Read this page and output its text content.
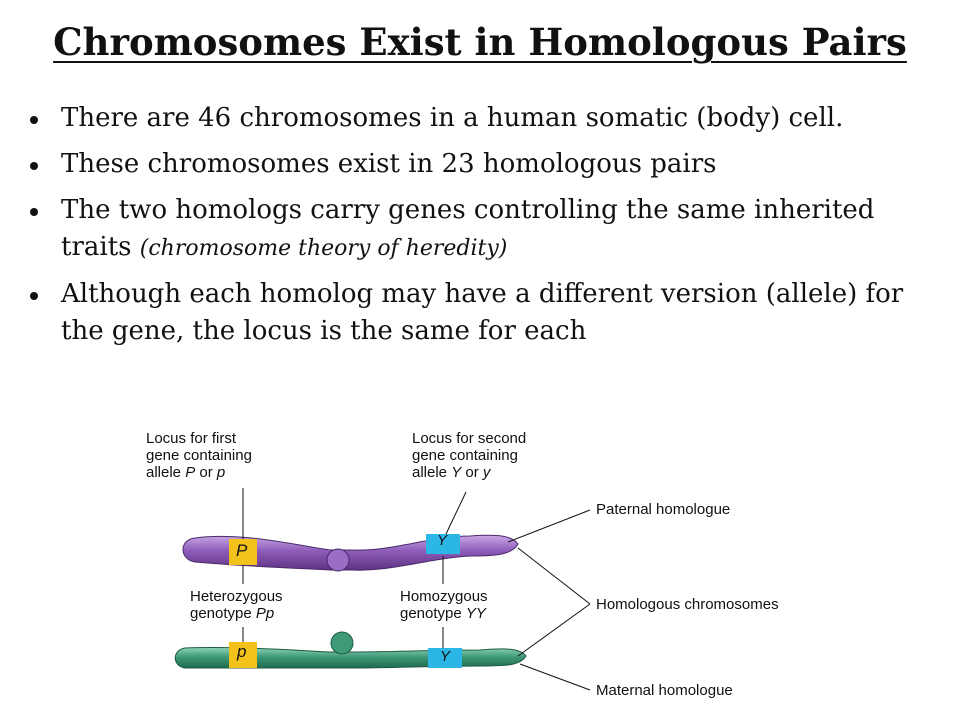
Chromosomes Exist in Homologous Pairs
There are 46 chromosomes in a human somatic (body) cell.
These chromosomes exist in 23 homologous pairs
The two homologs carry genes controlling the same inherited traits (chromosome theory of heredity)
Although each homolog may have a different version (allele) for the gene, the locus is the same for each
P
Y
p	Y
Locus for first
gene containing
allele P or p
Locus for second
gene containing
allele Y or y
Heterozygous
genotype Pp
Homozygous
genotype YY
Paternal homologue
Homologous chromosomes
Maternal homologue
